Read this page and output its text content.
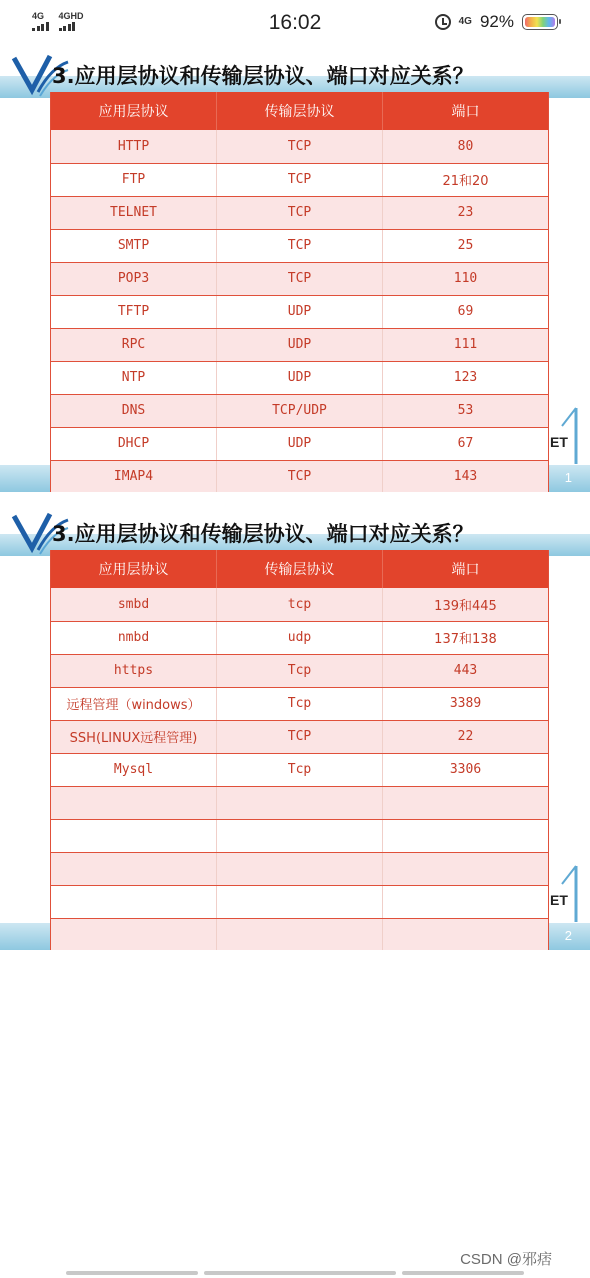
4G 4GHD	16:02	4G 92%
3.应用层协议和传输层协议、端口对应关系？
应用层协议	传输层协议	端口
HTTP	TCP	80
FTP	TCP	21和20
TELNET	TCP	23
SMTP	TCP	25
POP3	TCP	110
TFTP	UDP	69
RPC	UDP	111
NTP	UDP	123
DNS	TCP/UDP	53
DHCP	UDP	67
IMAP4	TCP	143
ET
1
3.应用层协议和传输层协议、端口对应关系？
应用层协议	传输层协议	端口
smbd	tcp	139和445
nmbd	udp	137和138
https	Tcp	443
远程管理（windows）	Tcp	3389
SSH(LINUX远程管理)	TCP	22
Mysql	Tcp	3306

ET
2
CSDN @邪痞
